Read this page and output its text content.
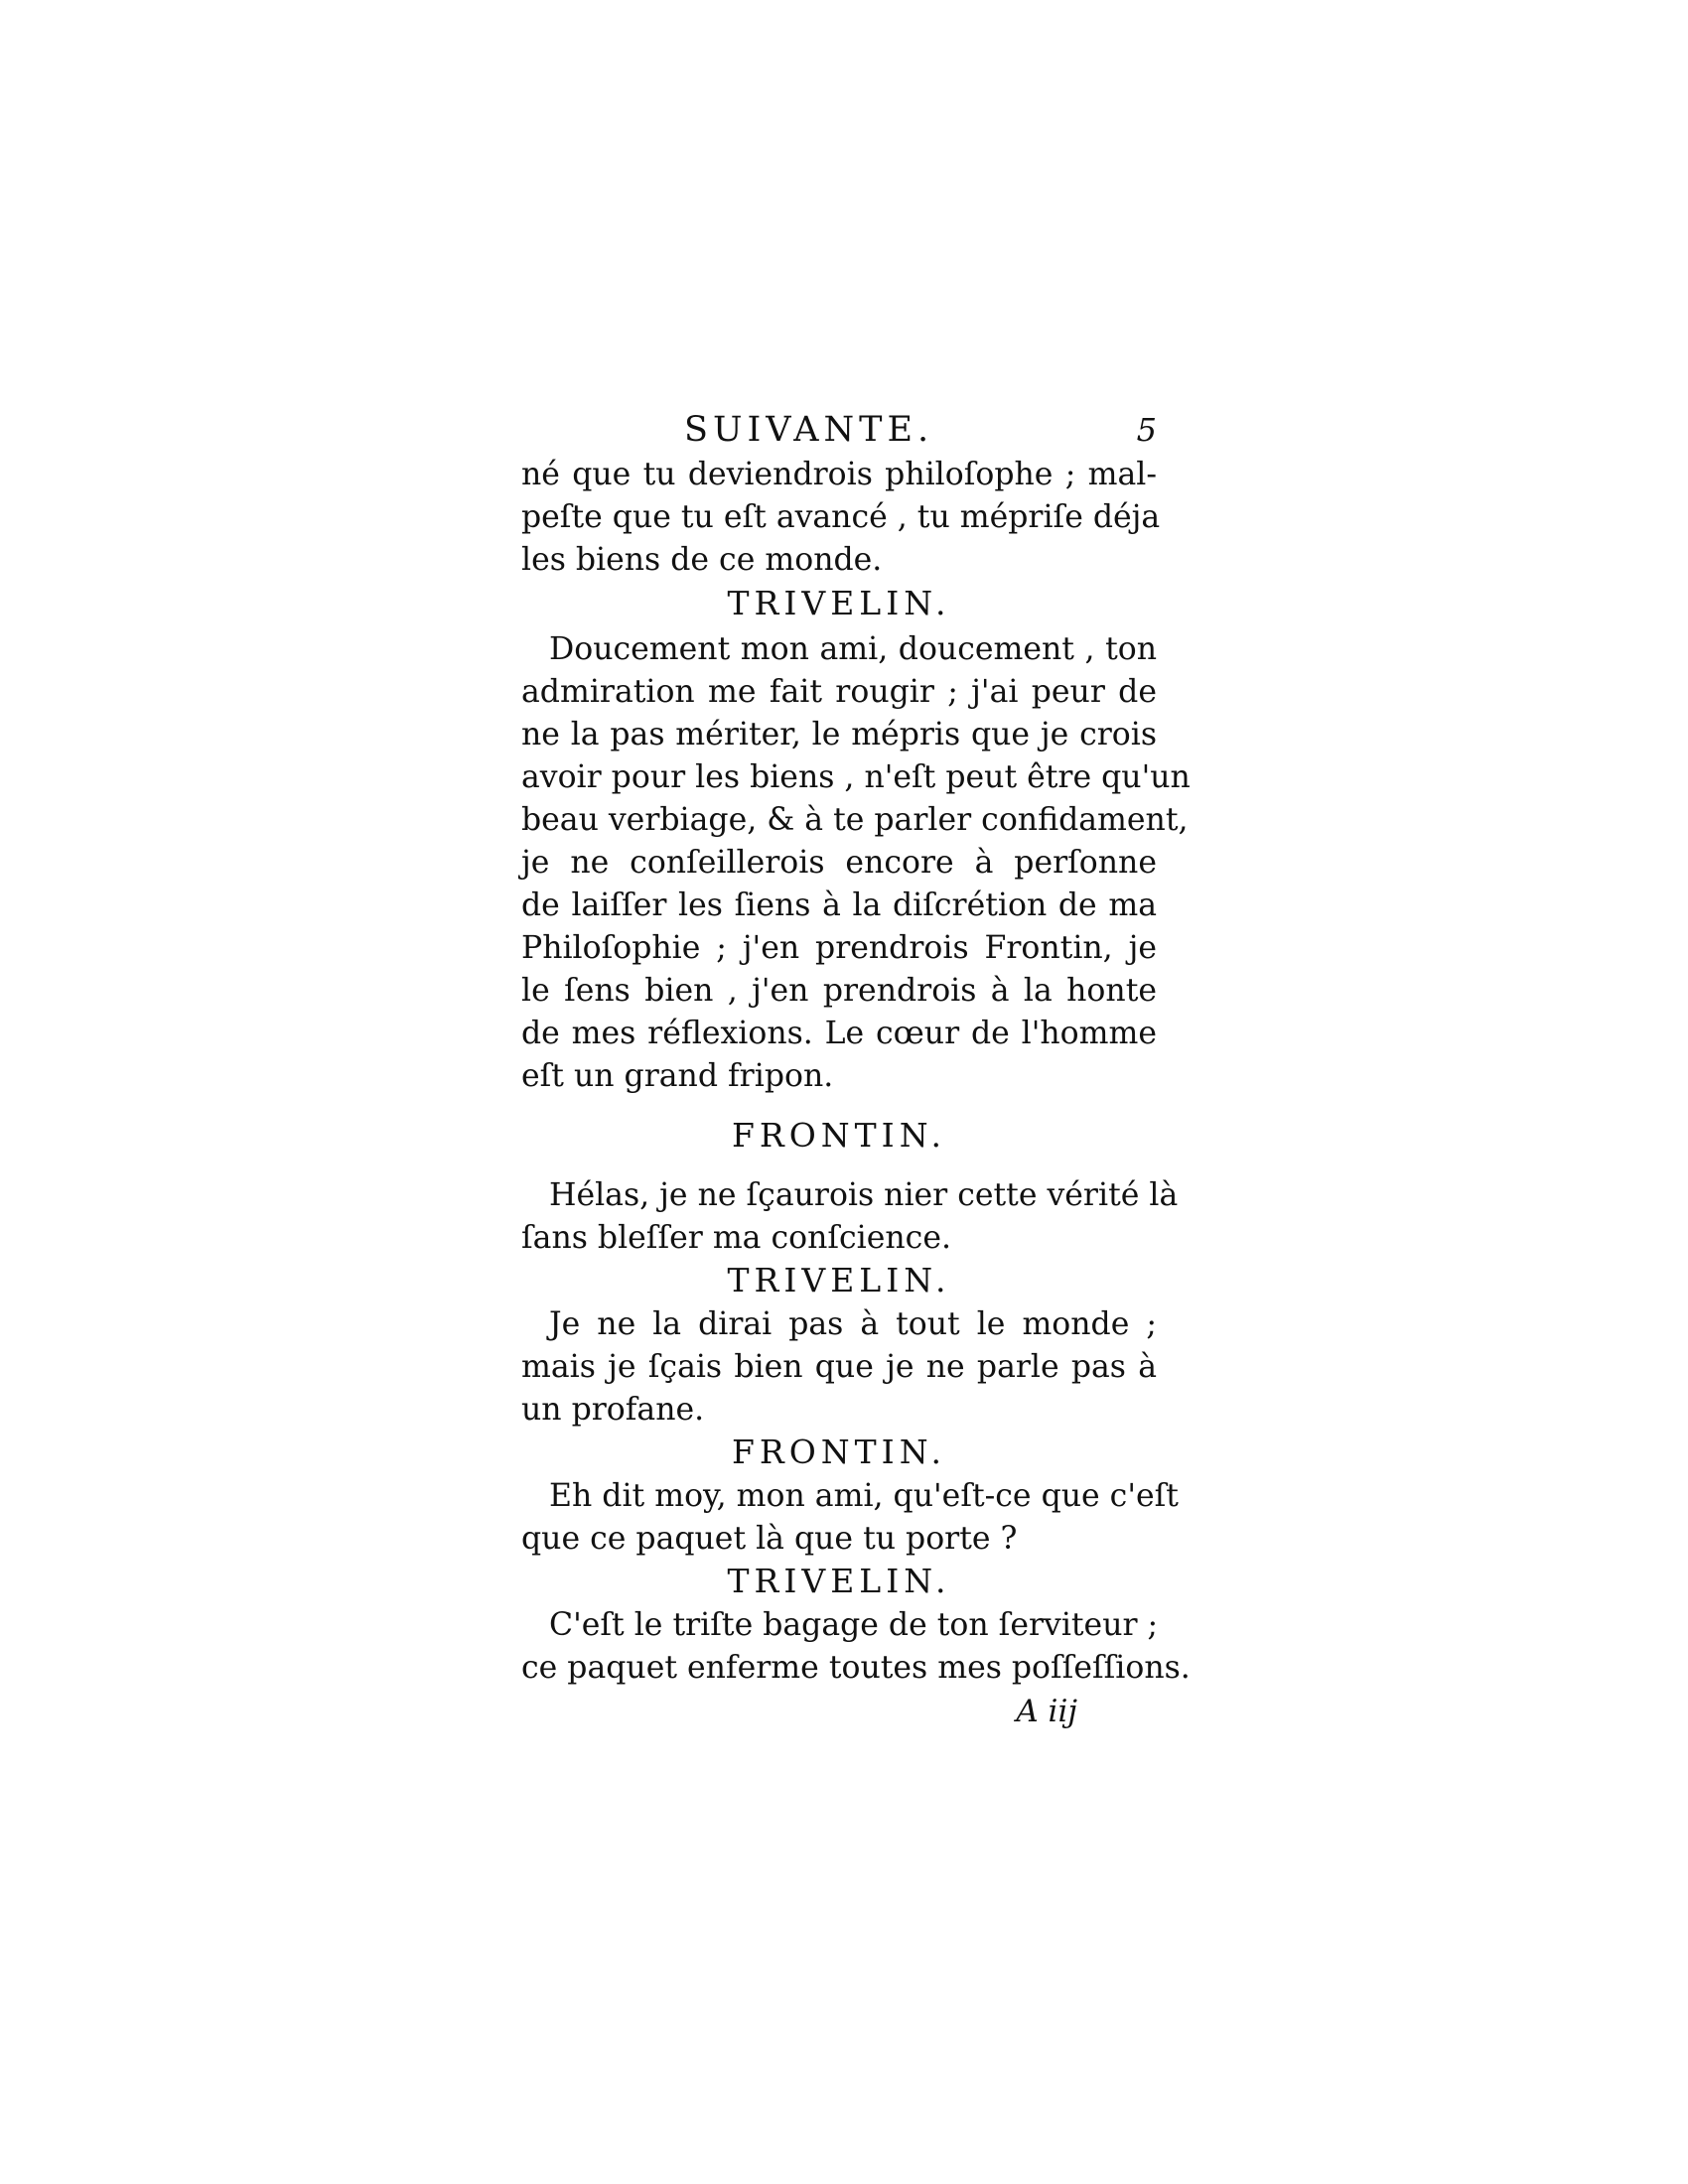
SUIVANTE.	5
né que tu deviendrois philoſophe ; mal-
peſte que tu eſt avancé , tu mépriſe déja
les biens de ce monde.
TRIVELIN.
Doucement mon ami, doucement , ton
admiration me fait rougir ; j'ai peur de
ne la pas mériter, le mépris que je crois
avoir pour les biens , n'eſt peut être qu'un
beau verbiage, & à te parler confidament,
je ne conſeillerois encore à perſonne
de laiſſer les ſiens à la diſcrétion de ma
Philoſophie ; j'en prendrois Frontin, je
le ſens bien , j'en prendrois à la honte
de mes réflexions. Le cœur de l'homme
eſt un grand fripon.
FRONTIN.
Hélas, je ne ſçaurois nier cette vérité là
ſans bleſſer ma conſcience.
TRIVELIN.
Je ne la dirai pas à tout le monde ;
mais je ſçais bien que je ne parle pas à
un profane.
FRONTIN.
Eh dit moy, mon ami, qu'eſt-ce que c'eſt
que ce paquet là que tu porte ?
TRIVELIN.
C'eſt le triſte bagage de ton ſerviteur ;
ce paquet enferme toutes mes poſſeſſions.
A iij
